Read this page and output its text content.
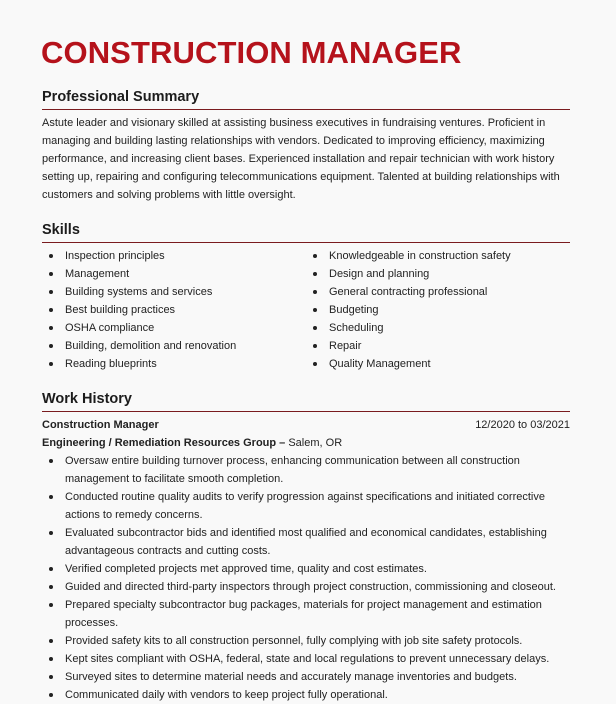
CONSTRUCTION MANAGER
Professional Summary

Astute leader and visionary skilled at assisting business executives in fundraising ventures. Proficient in managing and building lasting relationships with vendors. Dedicated to improving efficiency, maximizing performance, and increasing client bases. Experienced installation and repair technician with work history setting up, repairing and configuring telecommunications equipment. Talented at building relationships with customers and solving problems with little oversight.

Skills
Inspection principles
Management
Building systems and services
Best building practices
OSHA compliance
Building, demolition and renovation
Reading blueprints
Knowledgeable in construction safety
Design and planning
General contracting professional
Budgeting
Scheduling
Repair
Quality Management
Work History
Construction Manager	12/2020 to 03/2021
Engineering / Remediation Resources Group – Salem, OR
Oversaw entire building turnover process, enhancing communication between all construction management to facilitate smooth completion.
Conducted routine quality audits to verify progression against specifications and initiated corrective actions to remedy concerns.
Evaluated subcontractor bids and identified most qualified and economical candidates, establishing advantageous contracts and cutting costs.
Verified completed projects met approved time, quality and cost estimates.
Guided and directed third-party inspectors through project construction, commissioning and closeout.
Prepared specialty subcontractor bug packages, materials for project management and estimation processes.
Provided safety kits to all construction personnel, fully complying with job site safety protocols.
Kept sites compliant with OSHA, federal, state and local regulations to prevent unnecessary delays.
Surveyed sites to determine material needs and accurately manage inventories and budgets.
Communicated daily with vendors to keep project fully operational.
